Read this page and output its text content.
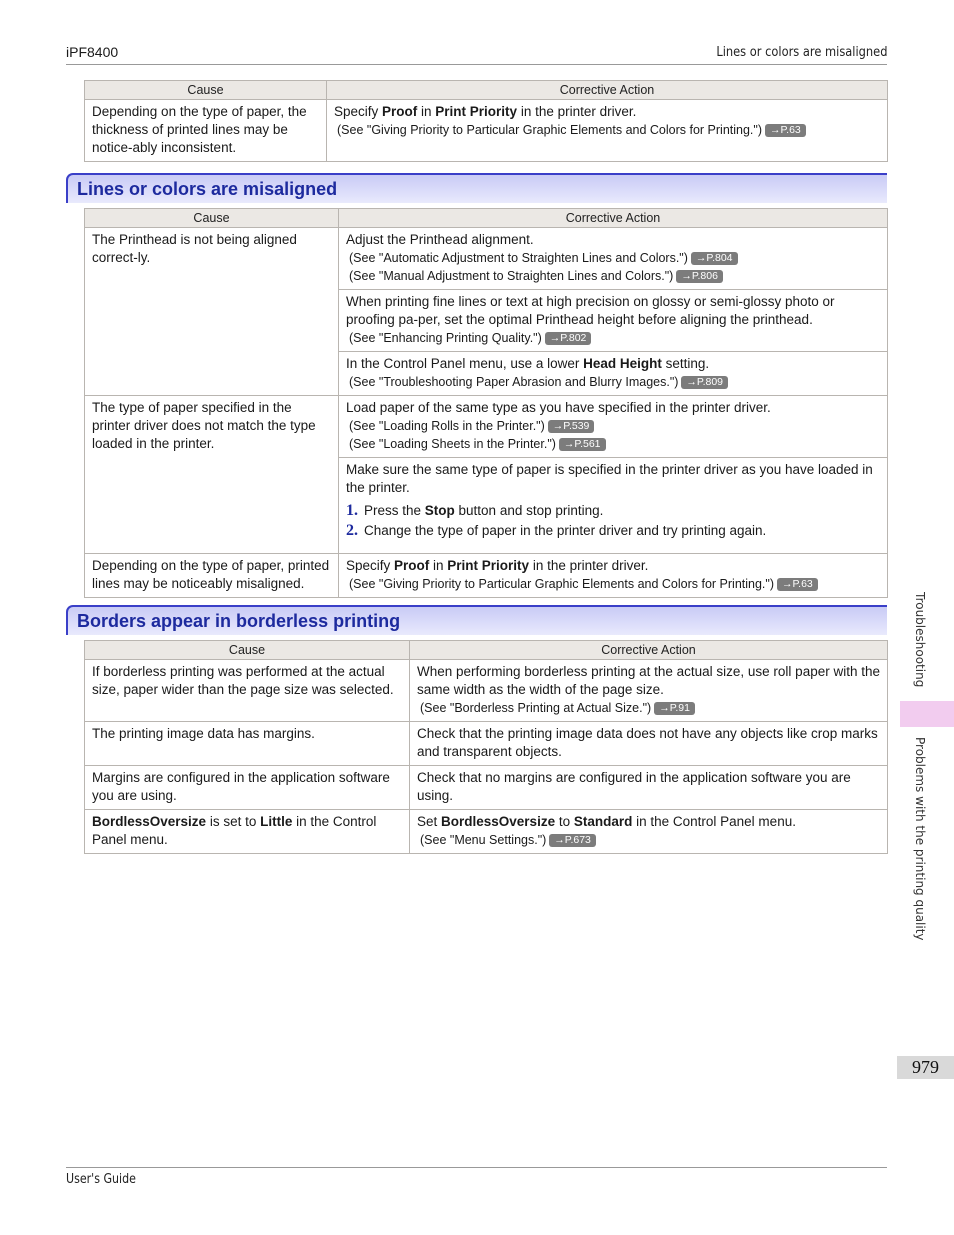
iPF8400	Lines or colors are misaligned
Cause	Corrective Action
Depending on the type of paper, the thickness of printed lines may be notice-ably inconsistent.	Specify Proof in Print Priority in the printer driver.
(See "Giving Priority to Particular Graphic Elements and Colors for Printing.") →P.63
Lines or colors are misaligned
Cause	Corrective Action
The Printhead is not being aligned correct-ly.	Adjust the Printhead alignment.
(See "Automatic Adjustment to Straighten Lines and Colors.") →P.804
(See "Manual Adjustment to Straighten Lines and Colors.") →P.806

	When printing fine lines or text at high precision on glossy or semi-glossy photo or proofing pa-per, set the optimal Printhead height before aligning the printhead.
(See "Enhancing Printing Quality.") →P.802

	In the Control Panel menu, use a lower Head Height setting.
(See "Troubleshooting Paper Abrasion and Blurry Images.") →P.809

The type of paper specified in the printer driver does not match the type loaded in the printer.	Load paper of the same type as you have specified in the printer driver.
(See "Loading Rolls in the Printer.") →P.539
(See "Loading Sheets in the Printer.") →P.561

	Make sure the same type of paper is specified in the printer driver as you have loaded in the printer.
1. Press the Stop button and stop printing.
2. Change the type of paper in the printer driver and try printing again.

Depending on the type of paper, printed lines may be noticeably misaligned.	Specify Proof in Print Priority in the printer driver.
(See "Giving Priority to Particular Graphic Elements and Colors for Printing.") →P.63
Borders appear in borderless printing
Cause	Corrective Action
If borderless printing was performed at the actual size, paper wider than the page size was selected.	When performing borderless printing at the actual size, use roll paper with the same width as the width of the page size.
(See "Borderless Printing at Actual Size.") →P.91

The printing image data has margins.	Check that the printing image data does not have any objects like crop marks and transparent objects.
Margins are configured in the application software you are using.	Check that no margins are configured in the application software you are using.

BordlessOversize is set to Little in the Control Panel menu.	Set BordlessOversize to Standard in the Control Panel menu.
(See "Menu Settings.") →P.673
Troubleshooting
Problems with the printing quality
979
User's Guide
